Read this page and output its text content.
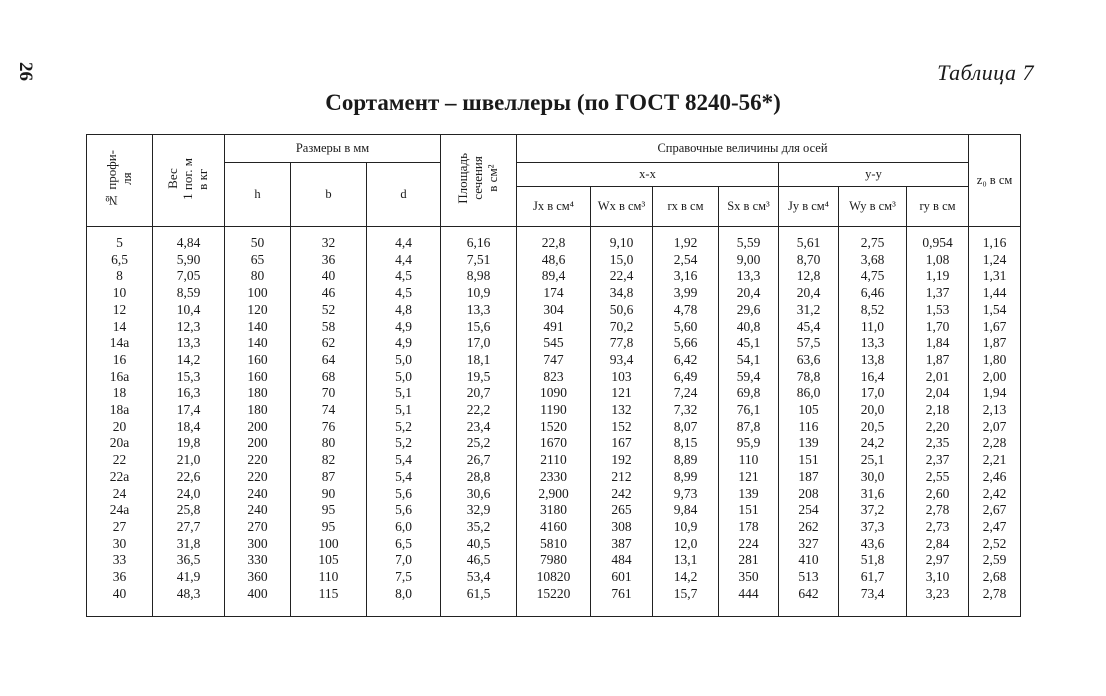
26	Таблица 7
Сортамент – швеллеры (по ГОСТ 8240-56*)
№ профи-
ля	Вес
1 пог. м
в кг	Размеры в мм			Площадь
сечения
в см²	Справочные величины для осей							z₀ в см
		h	b	d		x-x				y-y			
						Jx в см⁴	Wx в см³	rx в см	Sx в см³	Jy в см⁴	Wy в см³	ry в см	
5	4,84	50	32	4,4	6,16	22,8	9,10	1,92	5,59	5,61	2,75	0,954	1,16
6,5	5,90	65	36	4,4	7,51	48,6	15,0	2,54	9,00	8,70	3,68	1,08	1,24
8	7,05	80	40	4,5	8,98	89,4	22,4	3,16	13,3	12,8	4,75	1,19	1,31
10	8,59	100	46	4,5	10,9	174	34,8	3,99	20,4	20,4	6,46	1,37	1,44
12	10,4	120	52	4,8	13,3	304	50,6	4,78	29,6	31,2	8,52	1,53	1,54
14	12,3	140	58	4,9	15,6	491	70,2	5,60	40,8	45,4	11,0	1,70	1,67
14а	13,3	140	62	4,9	17,0	545	77,8	5,66	45,1	57,5	13,3	1,84	1,87
16	14,2	160	64	5,0	18,1	747	93,4	6,42	54,1	63,6	13,8	1,87	1,80
16а	15,3	160	68	5,0	19,5	823	103	6,49	59,4	78,8	16,4	2,01	2,00
18	16,3	180	70	5,1	20,7	1090	121	7,24	69,8	86,0	17,0	2,04	1,94
18а	17,4	180	74	5,1	22,2	1190	132	7,32	76,1	105	20,0	2,18	2,13
20	18,4	200	76	5,2	23,4	1520	152	8,07	87,8	116	20,5	2,20	2,07
20а	19,8	200	80	5,2	25,2	1670	167	8,15	95,9	139	24,2	2,35	2,28
22	21,0	220	82	5,4	26,7	2110	192	8,89	110	151	25,1	2,37	2,21
22а	22,6	220	87	5,4	28,8	2330	212	8,99	121	187	30,0	2,55	2,46
24	24,0	240	90	5,6	30,6	2,900	242	9,73	139	208	31,6	2,60	2,42
24а	25,8	240	95	5,6	32,9	3180	265	9,84	151	254	37,2	2,78	2,67
27	27,7	270	95	6,0	35,2	4160	308	10,9	178	262	37,3	2,73	2,47
30	31,8	300	100	6,5	40,5	5810	387	12,0	224	327	43,6	2,84	2,52
33	36,5	330	105	7,0	46,5	7980	484	13,1	281	410	51,8	2,97	2,59
36	41,9	360	110	7,5	53,4	10820	601	14,2	350	513	61,7	3,10	2,68
40	48,3	400	115	8,0	61,5	15220	761	15,7	444	642	73,4	3,23	2,78
